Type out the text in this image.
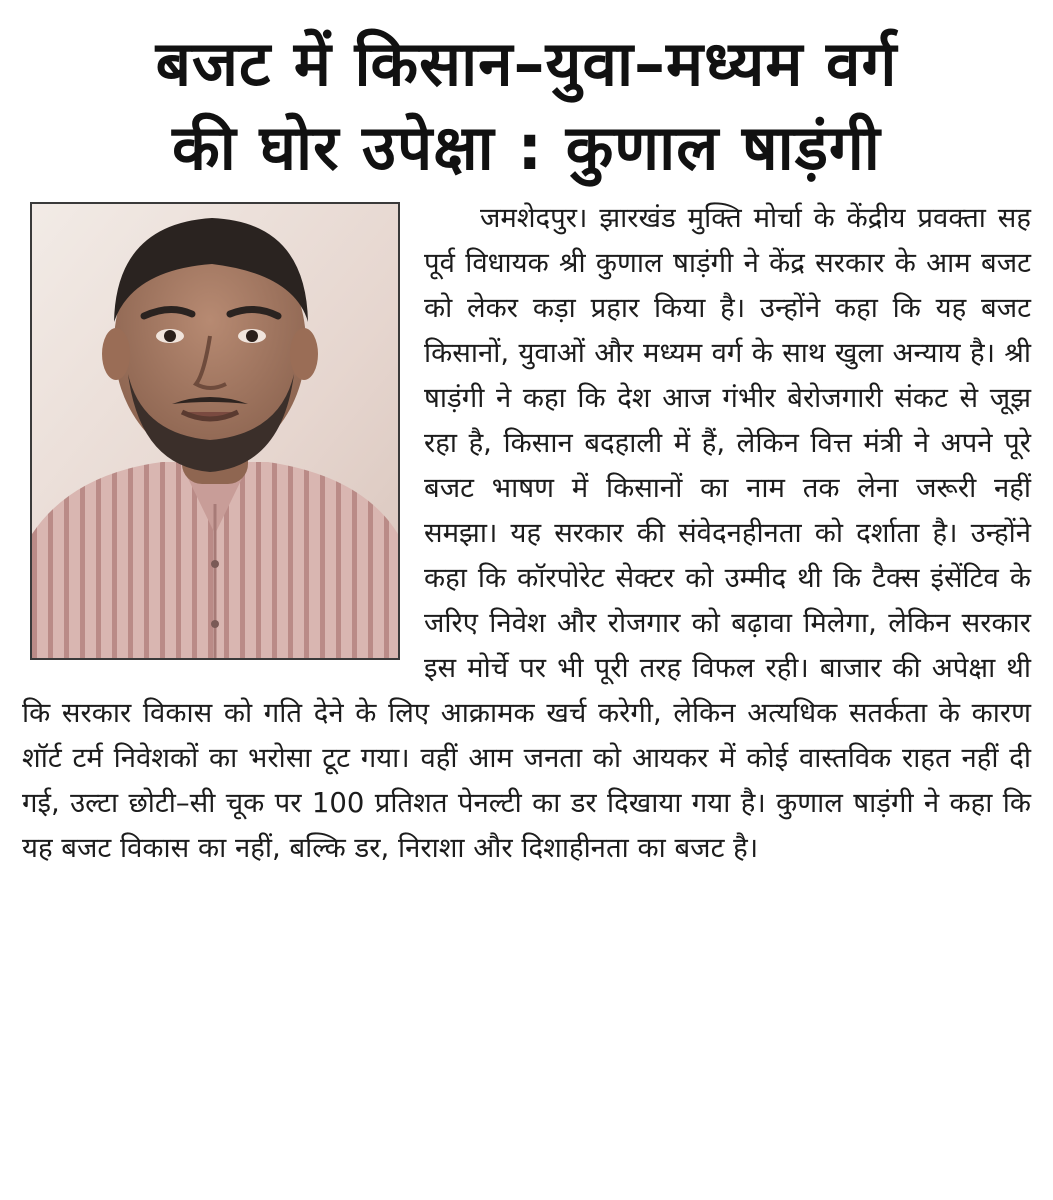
बजट में किसान–युवा–मध्यम वर्ग
की घोर उपेक्षा : कुणाल षाड़ंगी
जमशेदपुर। झारखंड मुक्ति मोर्चा के केंद्रीय प्रवक्ता सह पूर्व विधायक श्री कुणाल षाड़ंगी ने केंद्र सरकार के आम बजट को लेकर कड़ा प्रहार किया है। उन्होंने कहा कि यह बजट किसानों, युवाओं और मध्यम वर्ग के साथ खुला अन्याय है। श्री षाड़ंगी ने कहा कि देश आज गंभीर बेरोजगारी संकट से जूझ रहा है, किसान बदहाली में हैं, लेकिन वित्त मंत्री ने अपने पूरे बजट भाषण में किसानों का नाम तक लेना जरूरी नहीं समझा। यह सरकार की संवेदनहीनता को दर्शाता है। उन्होंने कहा कि कॉरपोरेट सेक्टर को उम्मीद थी कि टैक्स इंसेंटिव के जरिए निवेश और रोजगार को बढ़ावा मिलेगा, लेकिन सरकार इस मोर्चे पर भी पूरी तरह विफल रही। बाजार की अपेक्षा थी कि सरकार विकास को गति देने के लिए आक्रामक खर्च करेगी, लेकिन अत्यधिक सतर्कता के कारण शॉर्ट टर्म निवेशकों का भरोसा टूट गया। वहीं आम जनता को आयकर में कोई वास्तविक राहत नहीं दी गई, उल्टा छोटी–सी चूक पर 100 प्रतिशत पेनल्टी का डर दिखाया गया है। कुणाल षाड़ंगी ने कहा कि यह बजट विकास का नहीं, बल्कि डर, निराशा और दिशाहीनता का बजट है।
